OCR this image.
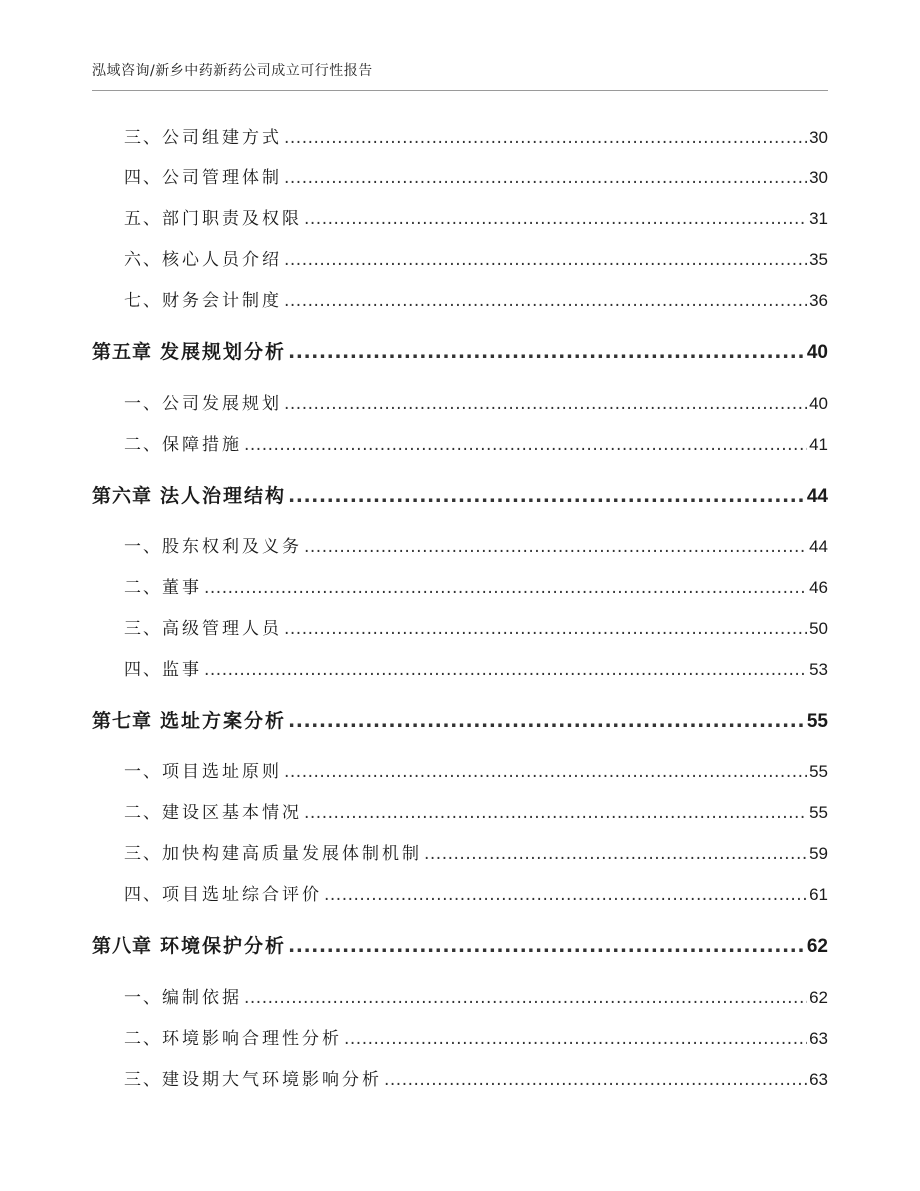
泓域咨询/新乡中药新药公司成立可行性报告
三、 公司组建方式 .....	30
四、 公司管理体制 .....	30
五、 部门职责及权限 .....	31
六、 核心人员介绍 .....	35
七、 财务会计制度 .....	36
第五章 发展规划分析 .....	40
一、 公司发展规划 .....	40
二、 保障措施 .....	41
第六章 法人治理结构 .....	44
一、 股东权利及义务 .....	44
二、 董事 .....	46
三、 高级管理人员 .....	50
四、 监事 .....	53
第七章 选址方案分析 .....	55
一、 项目选址原则 .....	55
二、 建设区基本情况 .....	55
三、 加快构建高质量发展体制机制 .....	59
四、 项目选址综合评价 .....	61
第八章 环境保护分析 .....	62
一、 编制依据 .....	62
二、 环境影响合理性分析 .....	63
三、 建设期大气环境影响分析 .....	63
